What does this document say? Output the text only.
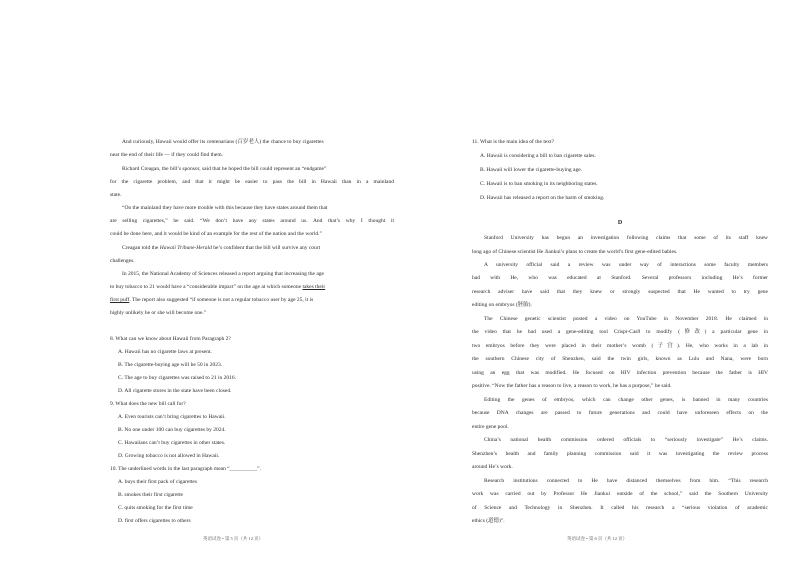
And curiously, Hawaii would offer its centenarians (百岁老人) the chance to buy cigarettes
near the end of their life — if they could find them.
Richard Creagan, the bill’s sponsor, said that he hoped the bill could represent an “endgame”
for the cigarette problem, and that it might be easier to pass the bill in Hawaii than in a mainland
state.
“On the mainland they have more trouble with this because they have states around them that
are selling cigarettes,” he said. “We don’t have any states around us. And that’s why I thought it
could be done here, and it would be kind of an example for the rest of the nation and the world.”
Creagan told the Hawaii Tribune-Herald he’s confident that the bill will survive any court
challenges.
In 2015, the National Academy of Sciences released a report arguing that increasing the age
to buy tobacco to 21 would have a “considerable impact” on the age at which someone takes their
first puff. The report also suggested “if someone is not a regular tobacco user by age 25, it is
highly unlikely he or she will become one.”
8. What can we know about Hawaii from Paragraph 2?
A. Hawaii has no cigarette laws at present.
B. The cigarette-buying age will be 50 in 2023.
C. The age to buy cigarettes was raised to 21 in 2016.
D. All cigarette stores in the state have been closed.
9. What does the new bill call for?
A. Even tourists can’t bring cigarettes to Hawaii.
B. No one under 100 can buy cigarettes by 2024.
C. Hawaiians can’t buy cigarettes in other states.
D. Growing tobacco is not allowed in Hawaii.
10. The underlined words in the last paragraph mean “__________”.
A. buys their first pack of cigarettes
B. smokes their first cigarette
C. quits smoking for the first time
D. first offers cigarettes to others
英语试卷 • 第 5 页（共 12 页）
11. What is the main idea of the text?
A. Hawaii is considering a bill to ban cigarette sales.
B. Hawaii will lower the cigarette-buying age.
C. Hawaii is to ban smoking in its neighboring states.
D. Hawaii has released a report on the harm of smoking.
D
Stanford University has begun an investigation following claims that some of its staff knew
long ago of Chinese scientist He Jiankui’s plans to create the world’s first gene-edited babies.
A university official said a review was under way of interactions some faculty members
had with He, who was educated at Stanford. Several professors including He’s former
research adviser have said that they knew or strongly suspected that He wanted to try gene
editing on embryos (胚胎).
The Chinese genetic scientist posted a video on YouTube in November 2018. He claimed in
the video that he had used a gene-editing tool Crispr-Cas9 to modify (修改) a particular gene in
two embryos before they were placed in their mother’s womb (子宫). He, who works in a lab in
the southern Chinese city of Shenzhen, said the twin girls, known as Lulu and Nana, were born
using an egg that was modified. He focused on HIV infection prevention because the father is HIV
positive. “Now the father has a reason to live, a reason to work, he has a purpose,” he said.
Editing the genes of embryos, which can change other genes, is banned in many countries
because DNA changes are passed to future generations and could have unforeseen effects on the
entire gene pool.
China’s national health commission ordered officials to “seriously investigate” He’s claims.
Shenzhen’s health and family planning commission said it was investigating the review process
around He’s work.
Research institutions connected to He have distanced themselves from him. “This research
work was carried out by Professor He Jiankui outside of the school,” said the Southern University
of Science and Technology in Shenzhen. It called his research a “serious violation of academic
ethics (道德)”.
英语试卷 • 第 6 页（共 12 页）
